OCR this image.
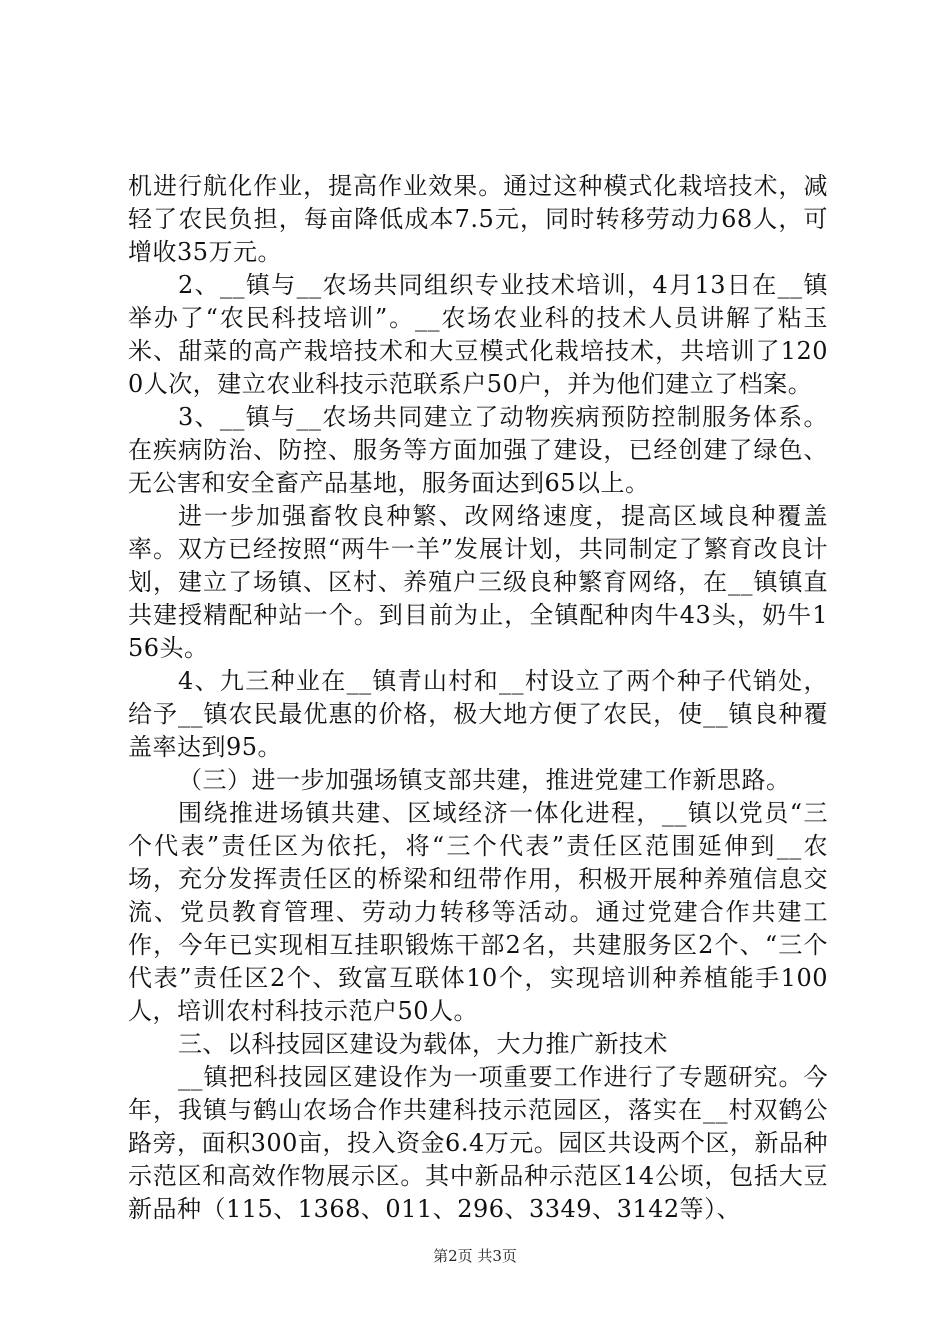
机进行航化作业，提高作业效果。通过这种模式化栽培技术，减轻了农民负担，每亩降低成本7.5元，同时转移劳动力68人，可增收35万元。

2、__镇与__农场共同组织专业技术培训，4月13日在__镇举办了“农民科技培训”。__农场农业科的技术人员讲解了粘玉米、甜菜的高产栽培技术和大豆模式化栽培技术，共培训了1200人次，建立农业科技示范联系户50户，并为他们建立了档案。

3、__镇与__农场共同建立了动物疾病预防控制服务体系。在疾病防治、防控、服务等方面加强了建设，已经创建了绿色、无公害和安全畜产品基地，服务面达到65以上。

进一步加强畜牧良种繁、改网络速度，提高区域良种覆盖率。双方已经按照“两牛一羊”发展计划，共同制定了繁育改良计划，建立了场镇、区村、养殖户三级良种繁育网络，在__镇镇直共建授精配种站一个。到目前为止，全镇配种肉牛43头，奶牛156头。

4、九三种业在__镇青山村和__村设立了两个种子代销处，给予__镇农民最优惠的价格，极大地方便了农民，使__镇良种覆盖率达到95。

（三）进一步加强场镇支部共建，推进党建工作新思路。

围绕推进场镇共建、区域经济一体化进程，__镇以党员“三个代表”责任区为依托，将“三个代表”责任区范围延伸到__农场，充分发挥责任区的桥梁和纽带作用，积极开展种养殖信息交流、党员教育管理、劳动力转移等活动。通过党建合作共建工作，今年已实现相互挂职锻炼干部2名，共建服务区2个、“三个代表”责任区2个、致富互联体10个，实现培训种养植能手100人，培训农村科技示范户50人。

三、以科技园区建设为载体，大力推广新技术

__镇把科技园区建设作为一项重要工作进行了专题研究。今年，我镇与鹤山农场合作共建科技示范园区，落实在__村双鹤公路旁，面积300亩，投入资金6.4万元。园区共设两个区，新品种示范区和高效作物展示区。其中新品种示范区14公顷，包括大豆新品种（115、1368、011、296、3349、3142等）、

第2页 共3页
